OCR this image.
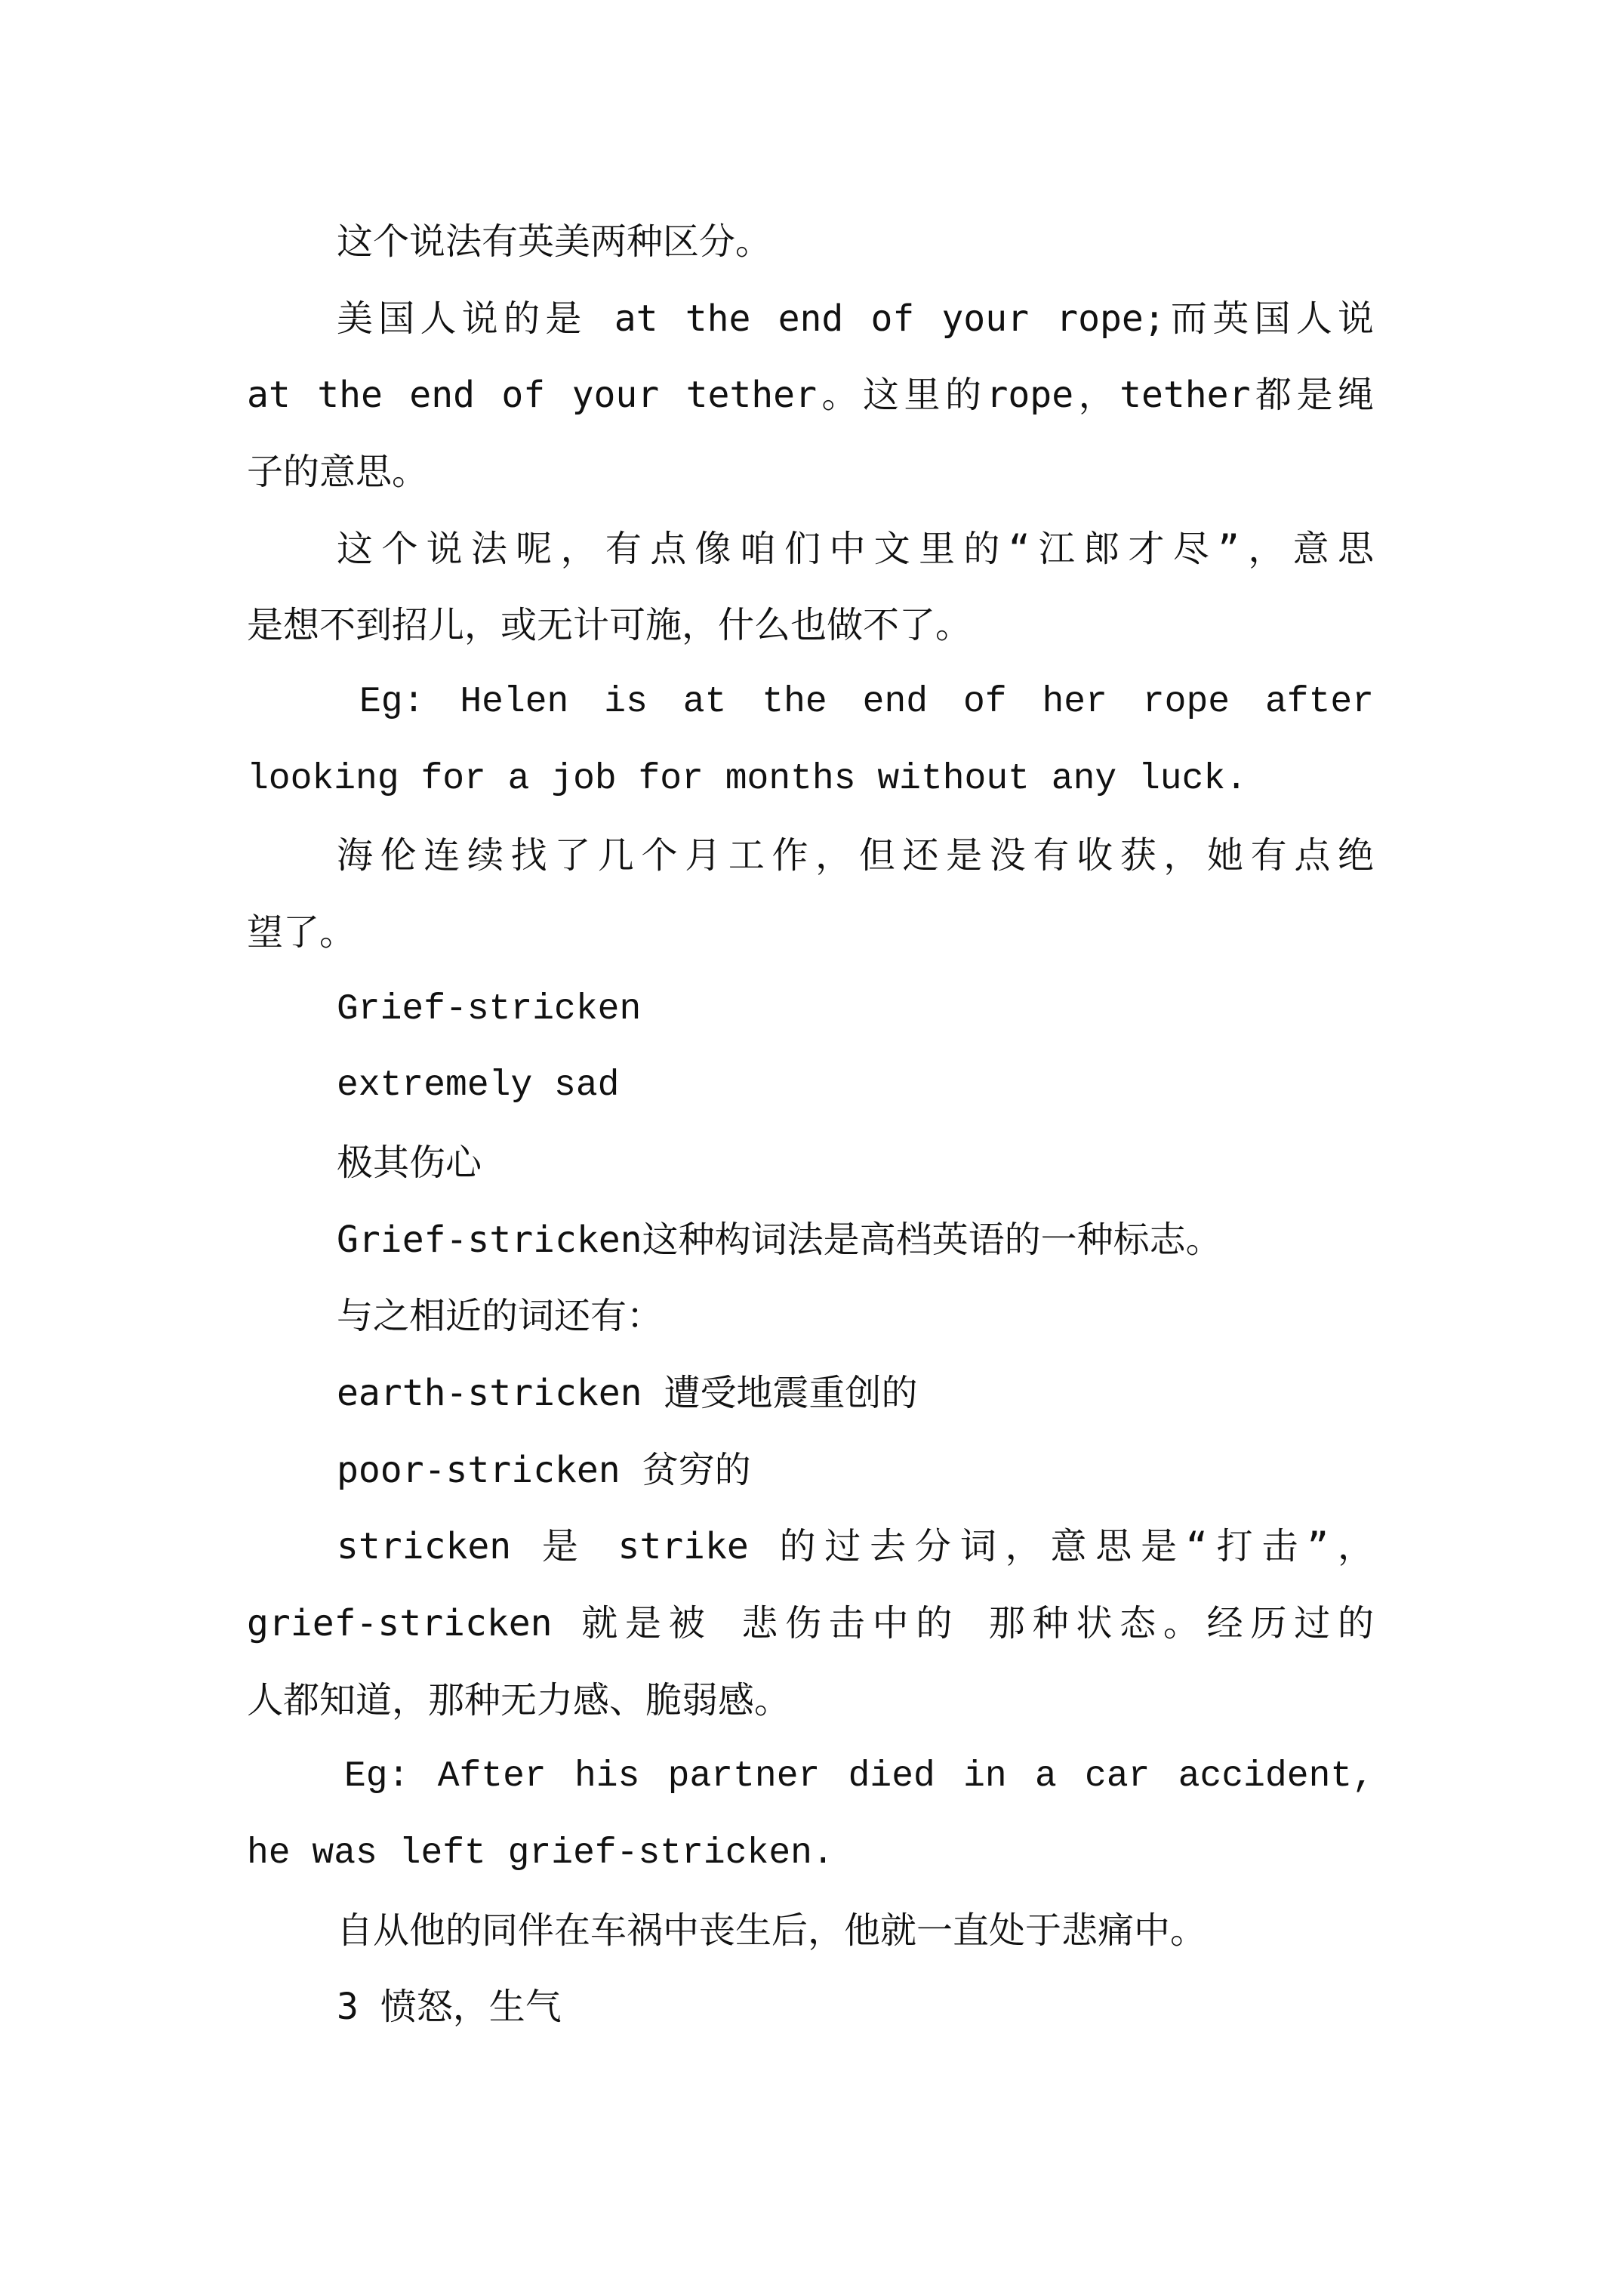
这个说法有英美两种区分。

美国人说的是 at the end of your rope;而英国人说

at the end of your tether。这里的rope，tether都是绳

子的意思。

这个说法呢，有点像咱们中文里的“江郎才尽”，意思

是想不到招儿，或无计可施，什么也做不了。

Eg: Helen is at the end of her rope after

looking for a job for months without any luck.

海伦连续找了几个月工作，但还是没有收获，她有点绝

望了。

Grief-stricken

extremely sad

极其伤心

Grief-stricken这种构词法是高档英语的一种标志。

与之相近的词还有：

earth-stricken 遭受地震重创的

poor-stricken 贫穷的

stricken 是 strike 的过去分词，意思是“打击”，

grief-stricken 就是被 悲伤击中的 那种状态。经历过的

人都知道，那种无力感、脆弱感。

Eg: After his partner died in a car accident,

he was left grief-stricken.

自从他的同伴在车祸中丧生后，他就一直处于悲痛中。

3 愤怒，生气
